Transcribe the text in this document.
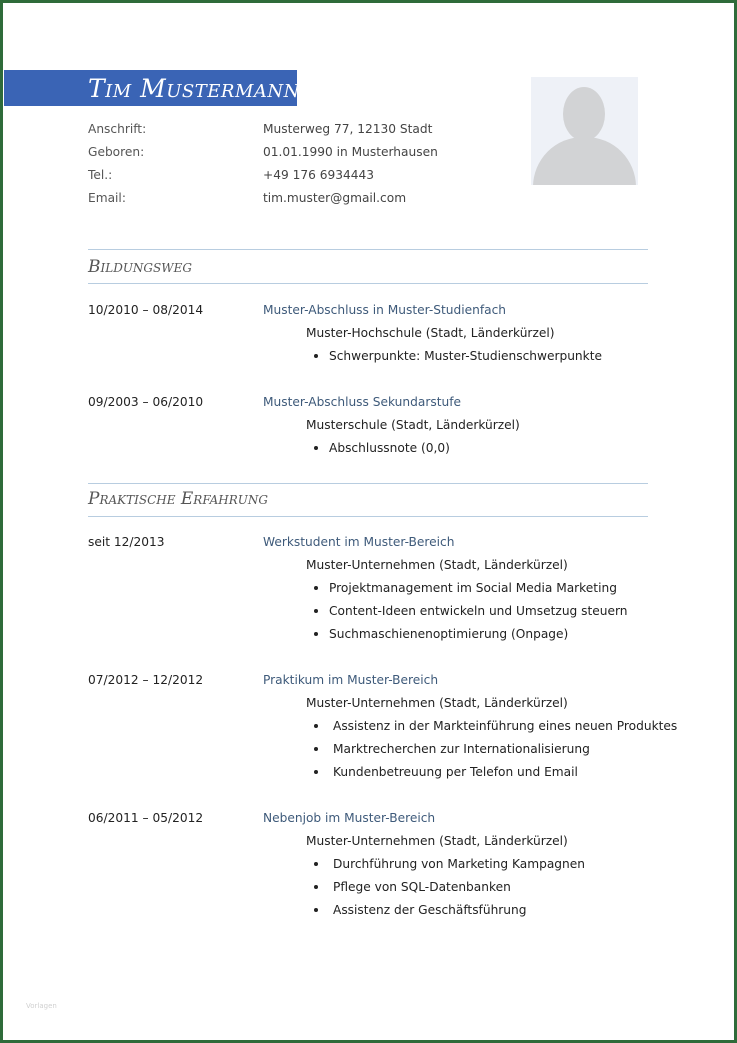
Tim Mustermann
Anschrift:	Musterweg 77, 12130 Stadt
Geboren:	01.01.1990 in Musterhausen
Tel.:	+49 176 6934443
Email:	tim.muster@gmail.com
Bildungsweg
10/2010 – 08/2014	Muster-Abschluss in Muster-Studienfach
Muster-Hochschule (Stadt, Länderkürzel)
Schwerpunkte: Muster-Studienschwerpunkte
09/2003 – 06/2010	Muster-Abschluss Sekundarstufe
Musterschule (Stadt, Länderkürzel)
Abschlussnote (0,0)
Praktische Erfahrung
seit 12/2013	Werkstudent im Muster-Bereich
Muster-Unternehmen (Stadt, Länderkürzel)
Projektmanagement im Social Media Marketing
Content-Ideen entwickeln und Umsetzug steuern
Suchmaschienenoptimierung (Onpage)
07/2012 – 12/2012	Praktikum im Muster-Bereich
Muster-Unternehmen (Stadt, Länderkürzel)
Assistenz in der Markteinführung eines neuen Produktes
Marktrecherchen zur Internationalisierung
Kundenbetreuung per Telefon und Email
06/2011 – 05/2012	Nebenjob im Muster-Bereich
Muster-Unternehmen (Stadt, Länderkürzel)
Durchführung von Marketing Kampagnen
Pflege von SQL-Datenbanken
Assistenz der Geschäftsführung
Vorlagen
